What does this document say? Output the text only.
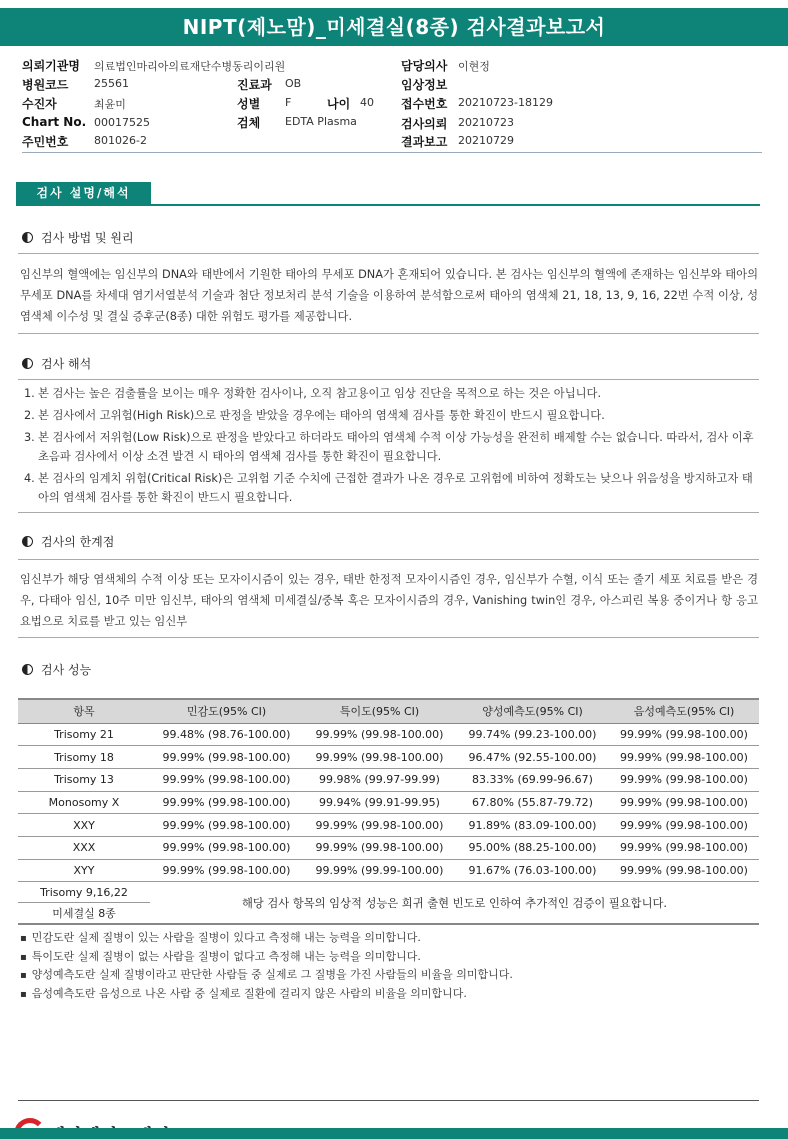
NIPT(제노맘)_미세결실(8종) 검사결과보고서
의뢰기관명 의료법인마리아의료재단수병동리이리원	담당의사 이현정
병원코드 25561	진료과 OB	임상정보
수진자	최윤미	성별 F	나이 40 접수번호 20210723-18129
Chart No. 00017525	검체 EDTA Plasma	검사의뢰 20210723
주민번호 801026-2	결과보고 20210729
검사 설명/해석
검사 방법 및 원리
임신부의 혈액에는 임신부의 DNA와 태반에서 기원한 태아의 무세포 DNA가 혼재되어 있습니다. 본 검사는 임신부의 혈액에 존재하는 임신부와 태아의 무세포 DNA를 차세대 염기서열분석 기술과 첨단 정보처리 분석 기술을 이용하여 분석함으로써 태아의 염색체 21, 18, 13, 9, 16, 22번 수적 이상, 성염색체 이수성 및 결실 증후군(8종) 대한 위험도 평가를 제공합니다.
검사 해석
1. 본 검사는 높은 검출률을 보이는 매우 정확한 검사이나, 오직 참고용이고 임상 진단을 목적으로 하는 것은 아닙니다.
2. 본 검사에서 고위험(High Risk)으로 판정을 받았을 경우에는 태아의 염색체 검사를 통한 확진이 반드시 필요합니다.
3. 본 검사에서 저위험(Low Risk)으로 판정을 받았다고 하더라도 태아의 염색체 수적 이상 가능성을 완전히 배제할 수는 없습니다. 따라서, 검사 이후 초음파 검사에서 이상 소견 발견 시 태아의 염색체 검사를 통한 확진이 필요합니다.
4. 본 검사의 임계치 위험(Critical Risk)은 고위험 기준 수치에 근접한 결과가 나온 경우로 고위험에 비하여 정확도는 낮으나 위음성을 방지하고자 태아의 염색체 검사를 통한 확진이 반드시 필요합니다.
검사의 한계점
임신부가 해당 염색체의 수적 이상 또는 모자이시즘이 있는 경우, 태반 한정적 모자이시즘인 경우, 임신부가 수혈, 이식 또는 줄기 세포 치료를 받은 경우, 다태아 임신, 10주 미만 임신부, 태아의 염색체 미세결실/중복 혹은 모자이시즘의 경우, Vanishing twin인 경우, 아스피린 복용 중이거나 항 응고 요법으로 치료를 받고 있는 임신부
검사 성능
항목	민감도(95% CI)	특이도(95% CI)	양성예측도(95% CI)	음성예측도(95% CI)
Trisomy 21	99.48% (98.76-100.00)	99.99% (99.98-100.00)	99.74% (99.23-100.00)	99.99% (99.98-100.00)
Trisomy 18	99.99% (99.98-100.00)	99.99% (99.98-100.00)	96.47% (92.55-100.00)	99.99% (99.98-100.00)
Trisomy 13	99.99% (99.98-100.00)	99.98% (99.97-99.99)	83.33% (69.99-96.67)	99.99% (99.98-100.00)
Monosomy X	99.99% (99.98-100.00)	99.94% (99.91-99.95)	67.80% (55.87-79.72)	99.99% (99.98-100.00)
XXY	99.99% (99.98-100.00)	99.99% (99.98-100.00)	91.89% (83.09-100.00)	99.99% (99.98-100.00)
XXX	99.99% (99.98-100.00)	99.99% (99.98-100.00)	95.00% (88.25-100.00)	99.99% (99.98-100.00)
XYY	99.99% (99.98-100.00)	99.99% (99.99-100.00)	91.67% (76.03-100.00)	99.99% (99.98-100.00)
Trisomy 9,16,22	해당 검사 항목의 임상적 성능은 희귀 출현 빈도로 인하여 추가적인 검증이 필요합니다.			
미세결실 8종				
▪ 민감도란 실제 질병이 있는 사람을 질병이 있다고 측정해 내는 능력을 의미합니다.
▪ 특이도란 실제 질병이 없는 사람을 질병이 없다고 측정해 내는 능력을 의미합니다.
▪ 양성예측도란 실제 질병이라고 판단한 사람들 중 실제로 그 질병을 가진 사람들의 비율을 의미합니다.
▪ 음성예측도란 음성으로 나온 사람 중 실제로 질환에 걸리지 않은 사람의 비율을 의미합니다.
